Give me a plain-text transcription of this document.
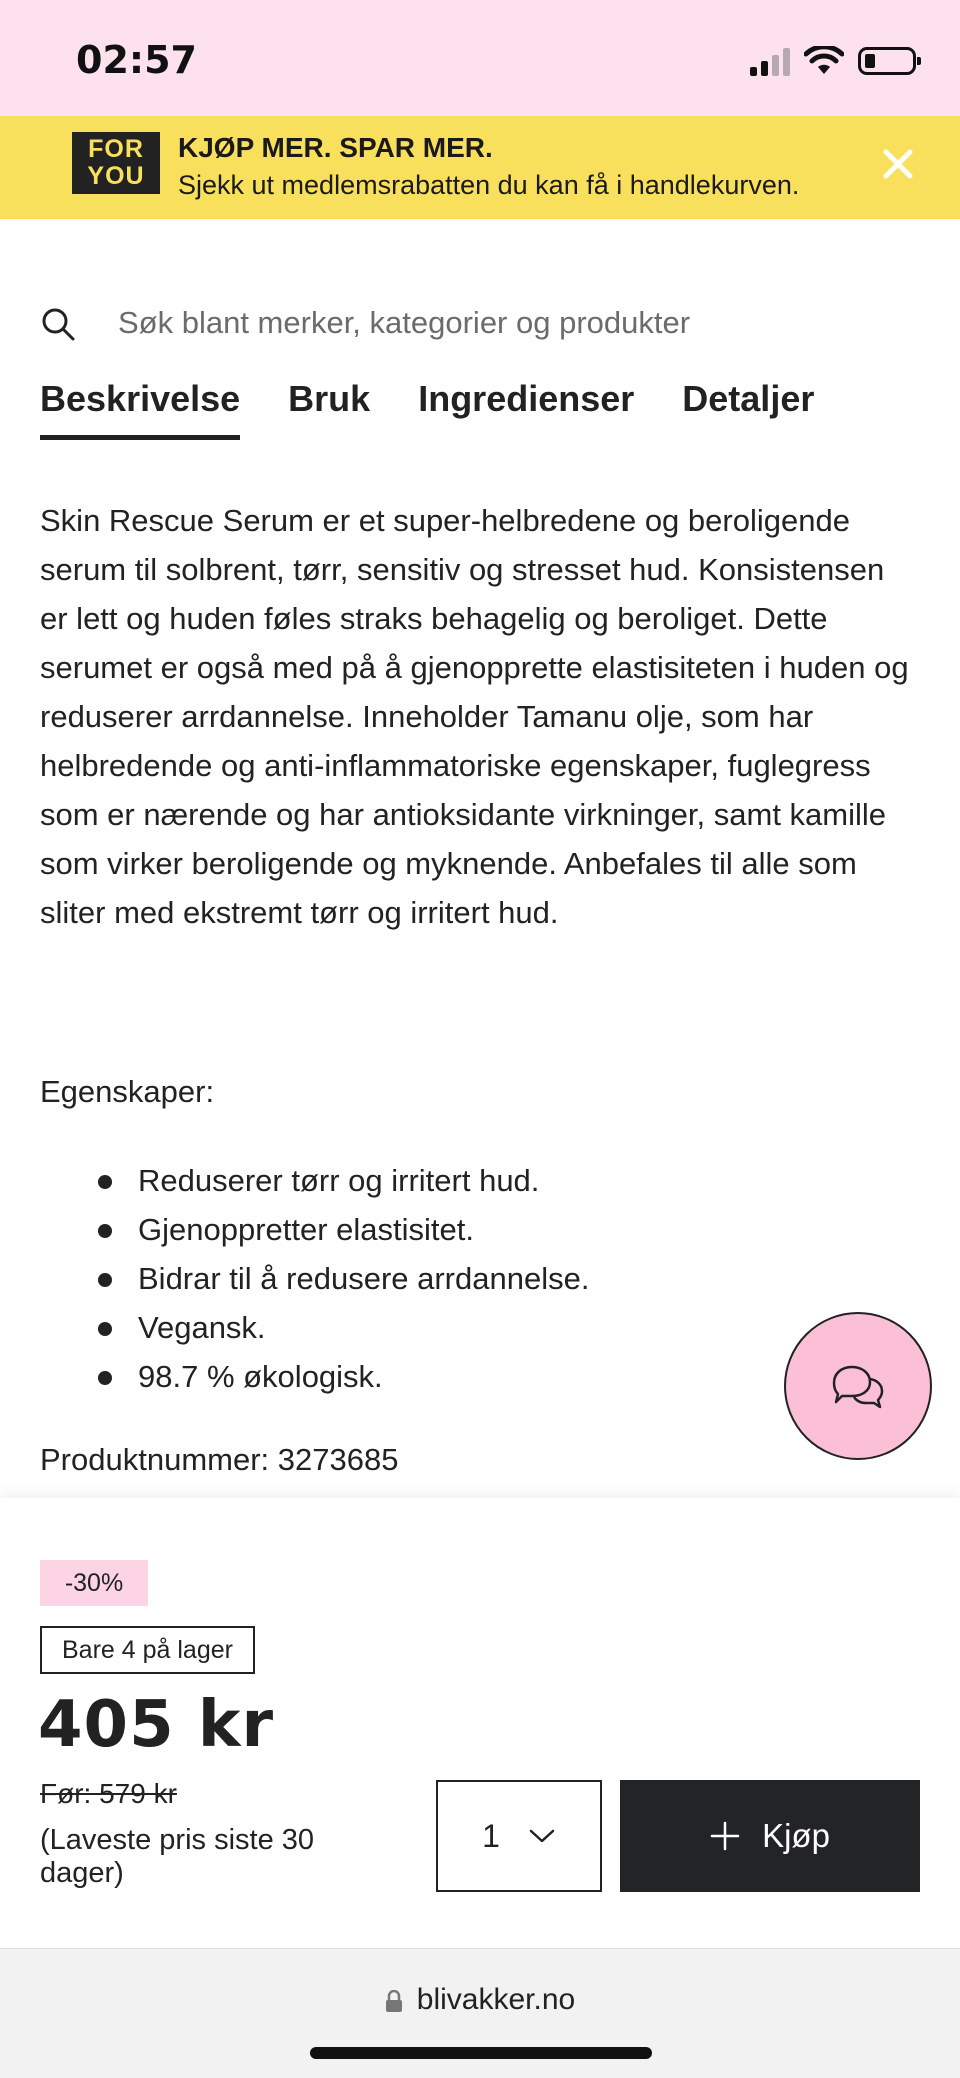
02:57
FOR
YOU
KJØP MER. SPAR MER.
Sjekk ut medlemsrabatten du kan få i handlekurven.
Søk blant merker, kategorier og produkter
Beskrivelse Bruk Ingredienser Detaljer

Skin Rescue Serum er et super-helbredene og beroligende serum til solbrent, tørr, sensitiv og stresset hud. Konsistensen er lett og huden føles straks behagelig og beroliget. Dette serumet er også med på å gjenopprette elastisiteten i huden og reduserer arrdannelse. Inneholder Tamanu olje, som har helbredende og anti-inflammatoriske egenskaper, fuglegress som er nærende og har antioksidante virkninger, samt kamille som virker beroligende og myknende. Anbefales til alle som sliter med ekstremt tørr og irritert hud.

Egenskaper:
Reduserer tørr og irritert hud.
Gjenoppretter elastisitet.
Bidrar til å redusere arrdannelse.
Vegansk.
98.7 % økologisk.
Produktnummer: 3273685
-30%
Bare 4 på lager
405 kr
Før: 579 kr
(Laveste pris siste 30 dager)
1	Kjøp
blivakker.no
